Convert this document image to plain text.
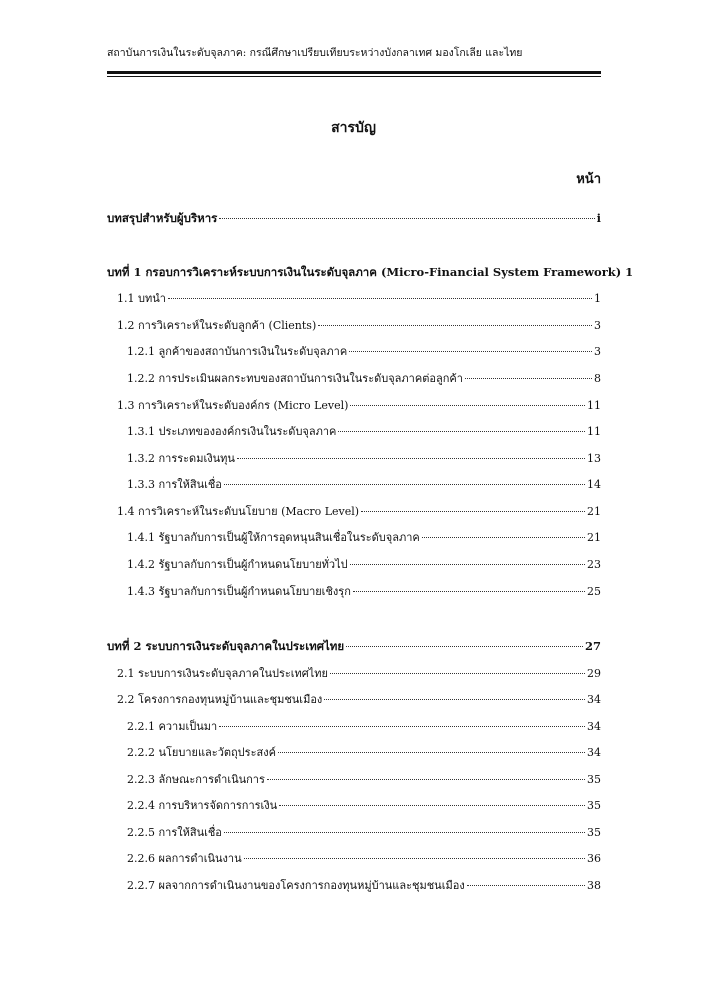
สถาบันการเงินในระดับจุลภาค: กรณีศึกษาเปรียบเทียบระหว่างบังกลาเทศ มองโกเลีย และไทย
สารบัญ
หน้า
บทสรุปสำหรับผู้บริหาร	i
บทที่ 1 กรอบการวิเคราะห์ระบบการเงินในระดับจุลภาค (Micro-Financial System Framework) 1
1.1 บทนำ	1
1.2 การวิเคราะห์ในระดับลูกค้า (Clients)	3
1.2.1 ลูกค้าของสถาบันการเงินในระดับจุลภาค	3
1.2.2 การประเมินผลกระทบของสถาบันการเงินในระดับจุลภาคต่อลูกค้า	8
1.3 การวิเคราะห์ในระดับองค์กร (Micro Level)	11
1.3.1 ประเภทขององค์กรเงินในระดับจุลภาค	11
1.3.2 การระดมเงินทุน	13
1.3.3 การให้สินเชื่อ	14
1.4 การวิเคราะห์ในระดับนโยบาย (Macro Level)	21
1.4.1 รัฐบาลกับการเป็นผู้ให้การอุดหนุนสินเชื่อในระดับจุลภาค	21
1.4.2 รัฐบาลกับการเป็นผู้กำหนดนโยบายทั่วไป	23
1.4.3 รัฐบาลกับการเป็นผู้กำหนดนโยบายเชิงรุก	25
บทที่ 2 ระบบการเงินระดับจุลภาคในประเทศไทย	27
2.1 ระบบการเงินระดับจุลภาคในประเทศไทย	29
2.2 โครงการกองทุนหมู่บ้านและชุมชนเมือง	34
2.2.1 ความเป็นมา	34
2.2.2 นโยบายและวัตถุประสงค์	34
2.2.3 ลักษณะการดำเนินการ	35
2.2.4 การบริหารจัดการการเงิน	35
2.2.5 การให้สินเชื่อ	35
2.2.6 ผลการดำเนินงาน	36
2.2.7 ผลจากการดำเนินงานของโครงการกองทุนหมู่บ้านและชุมชนเมือง	38
